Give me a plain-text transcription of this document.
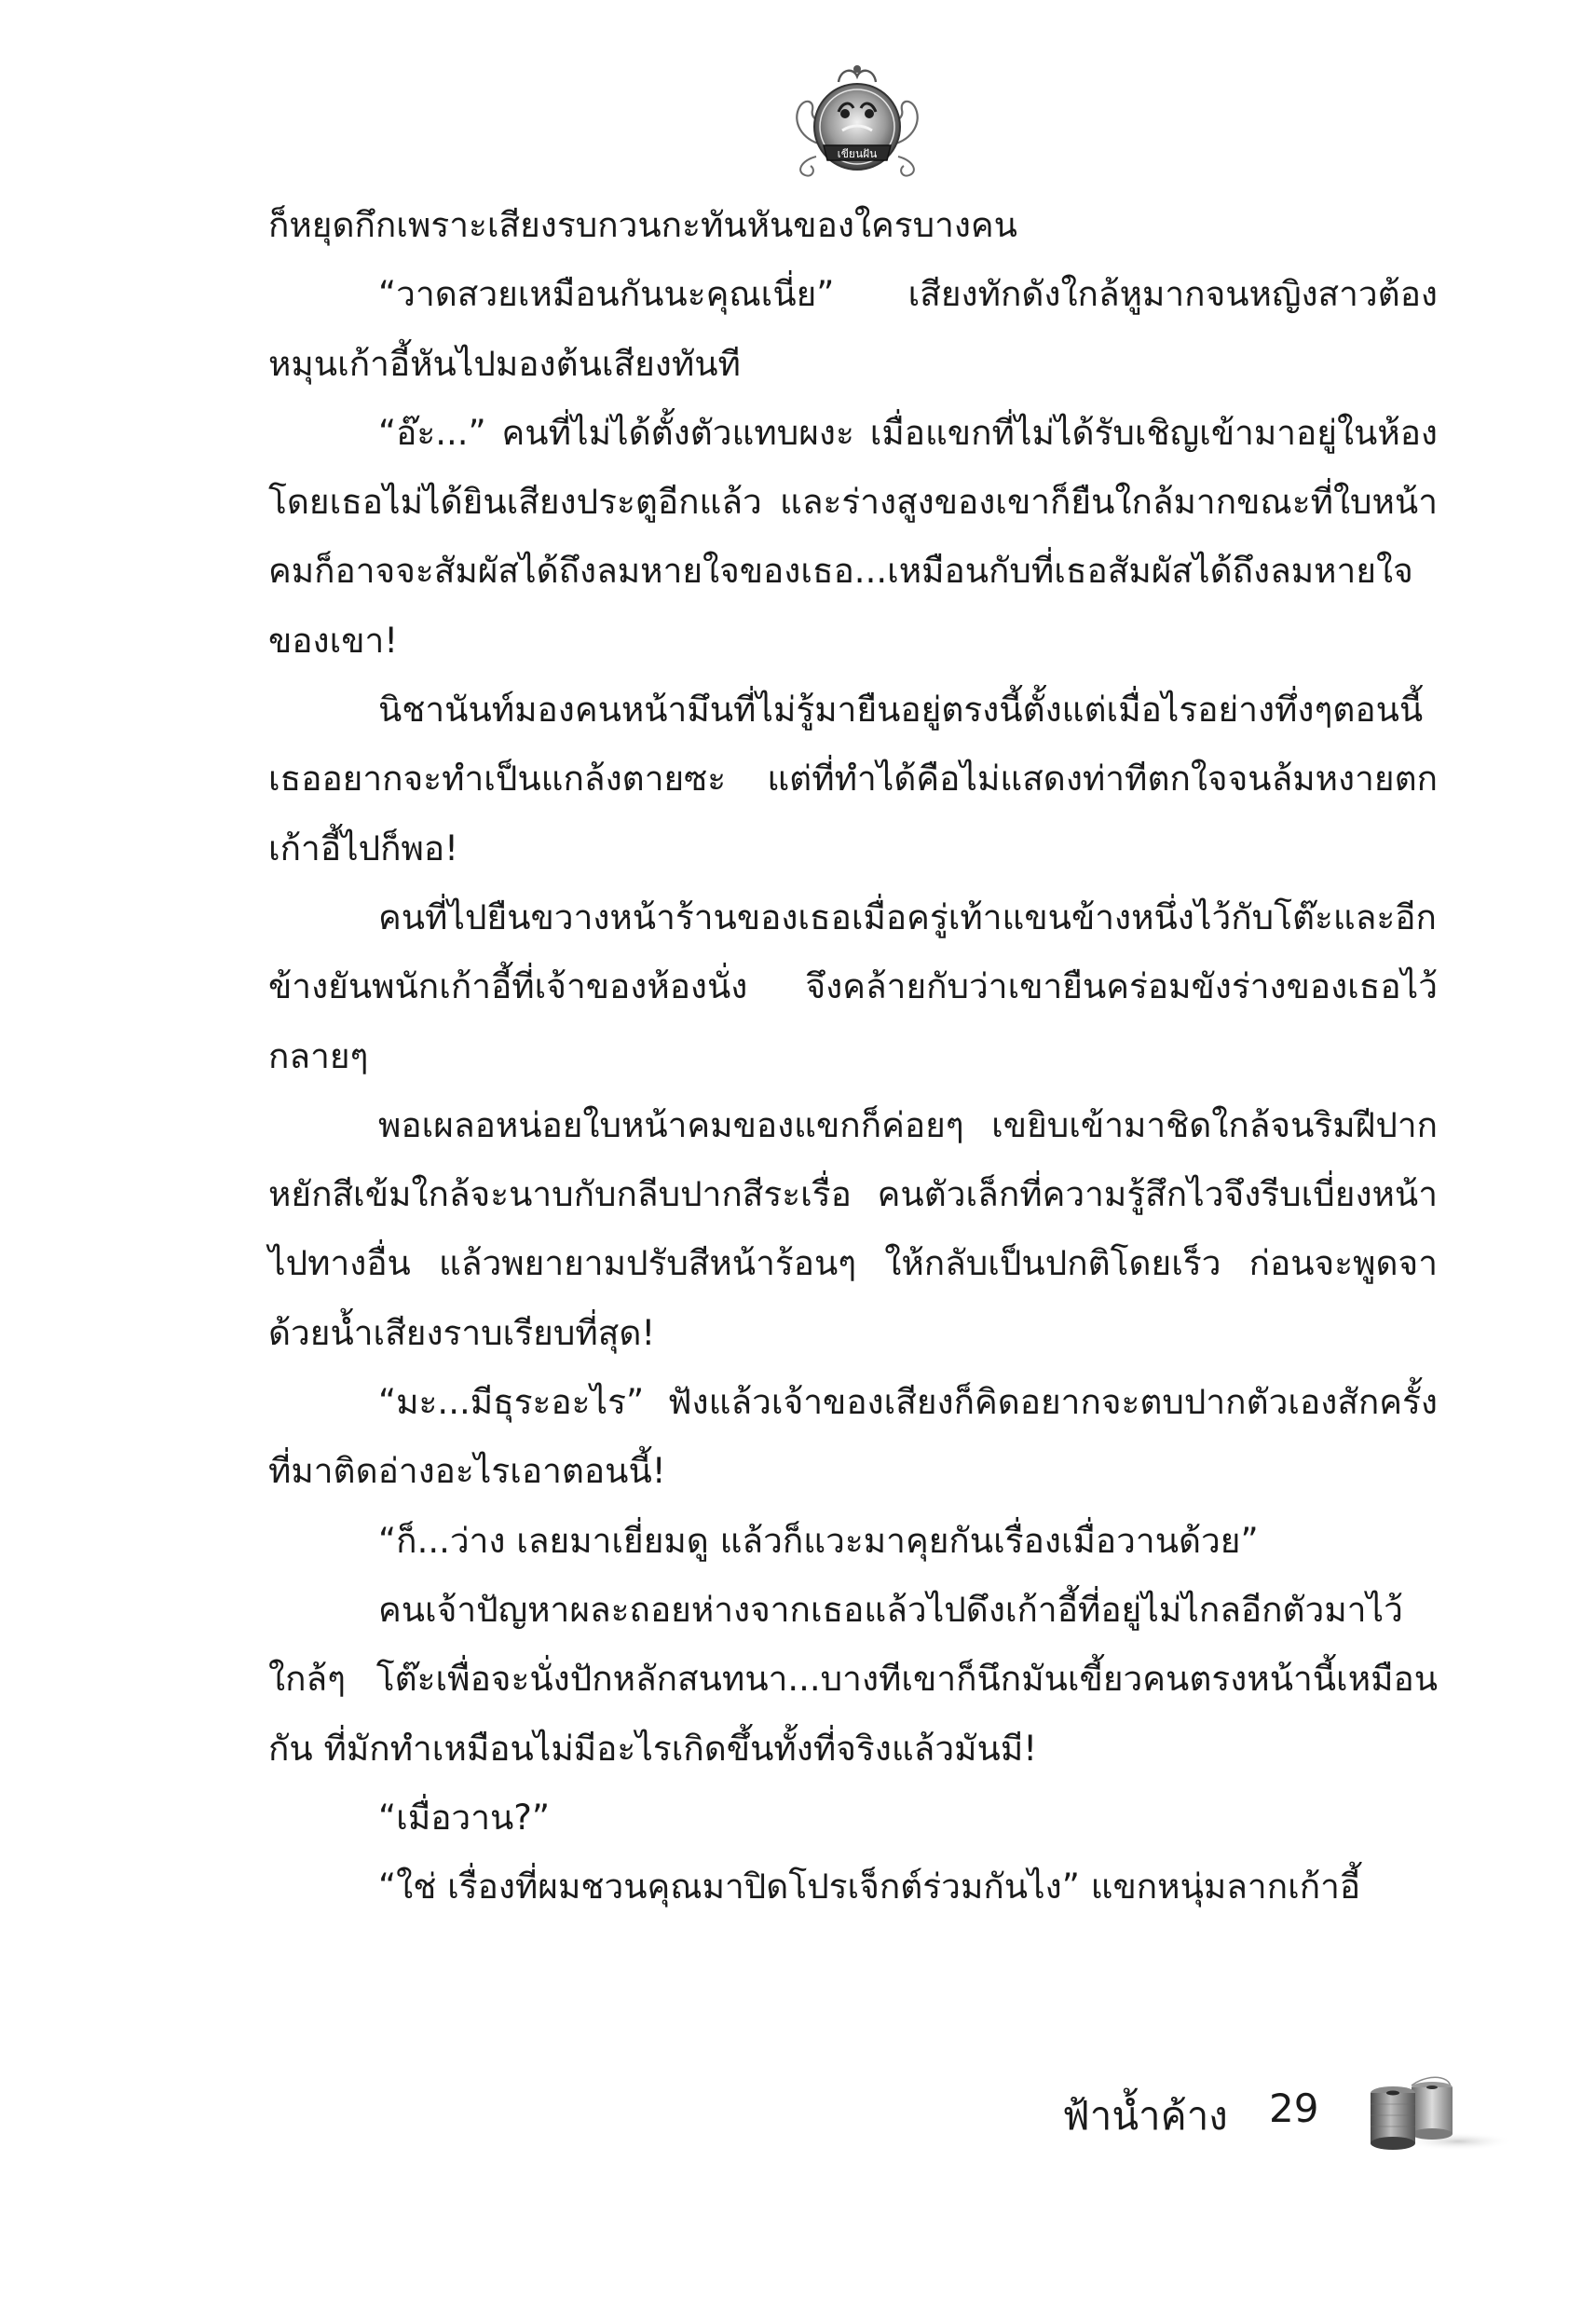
เขียนฝัน

ก็หยุดกึกเพราะเสียงรบกวนกะทันหันของใครบางคน

“วาดสวยเหมือนกันนะคุณเนี่ย” เสียงทักดังใกล้หูมากจนหญิงสาวต้องหมุนเก้าอี้หันไปมองต้นเสียงทันที

“อ๊ะ...” คนที่ไม่ได้ตั้งตัวแทบผงะ เมื่อแขกที่ไม่ได้รับเชิญเข้ามาอยู่ในห้องโดยเธอไม่ได้ยินเสียงประตูอีกแล้ว และร่างสูงของเขาก็ยืนใกล้มากขณะที่ใบหน้าคมก็อาจจะสัมผัสได้ถึงลมหายใจของเธอ...เหมือนกับที่เธอสัมผัสได้ถึงลมหายใจของเขา!

นิชานันท์มองคนหน้ามึนที่ไม่รู้มายืนอยู่ตรงนี้ตั้งแต่เมื่อไรอย่างทึ่งๆตอนนี้เธออยากจะทำเป็นแกล้งตายซะ แต่ที่ทำได้คือไม่แสดงท่าทีตกใจจนล้มหงายตกเก้าอี้ไปก็พอ!

คนที่ไปยืนขวางหน้าร้านของเธอเมื่อครู่เท้าแขนข้างหนึ่งไว้กับโต๊ะและอีกข้างยันพนักเก้าอี้ที่เจ้าของห้องนั่ง จึงคล้ายกับว่าเขายืนคร่อมขังร่างของเธอไว้กลายๆ

พอเผลอหน่อยใบหน้าคมของแขกก็ค่อยๆ เขยิบเข้ามาชิดใกล้จนริมฝีปากหยักสีเข้มใกล้จะนาบกับกลีบปากสีระเรื่อ คนตัวเล็กที่ความรู้สึกไวจึงรีบเบี่ยงหน้าไปทางอื่น แล้วพยายามปรับสีหน้าร้อนๆ ให้กลับเป็นปกติโดยเร็ว ก่อนจะพูดจาด้วยน้ำเสียงราบเรียบที่สุด!

“มะ...มีธุระอะไร” ฟังแล้วเจ้าของเสียงก็คิดอยากจะตบปากตัวเองสักครั้งที่มาติดอ่างอะไรเอาตอนนี้!

“ก็...ว่าง เลยมาเยี่ยมดู แล้วก็แวะมาคุยกันเรื่องเมื่อวานด้วย”

คนเจ้าปัญหาผละถอยห่างจากเธอแล้วไปดึงเก้าอี้ที่อยู่ไม่ไกลอีกตัวมาไว้ใกล้ๆ โต๊ะเพื่อจะนั่งปักหลักสนทนา...บางทีเขาก็นึกมันเขี้ยวคนตรงหน้านี้เหมือนกัน ที่มักทำเหมือนไม่มีอะไรเกิดขึ้นทั้งที่จริงแล้วมันมี!

“เมื่อวาน?”

“ใช่ เรื่องที่ผมชวนคุณมาปิดโปรเจ็กต์ร่วมกันไง” แขกหนุ่มลากเก้าอี้

ฟ้าน้ำค้าง 29
